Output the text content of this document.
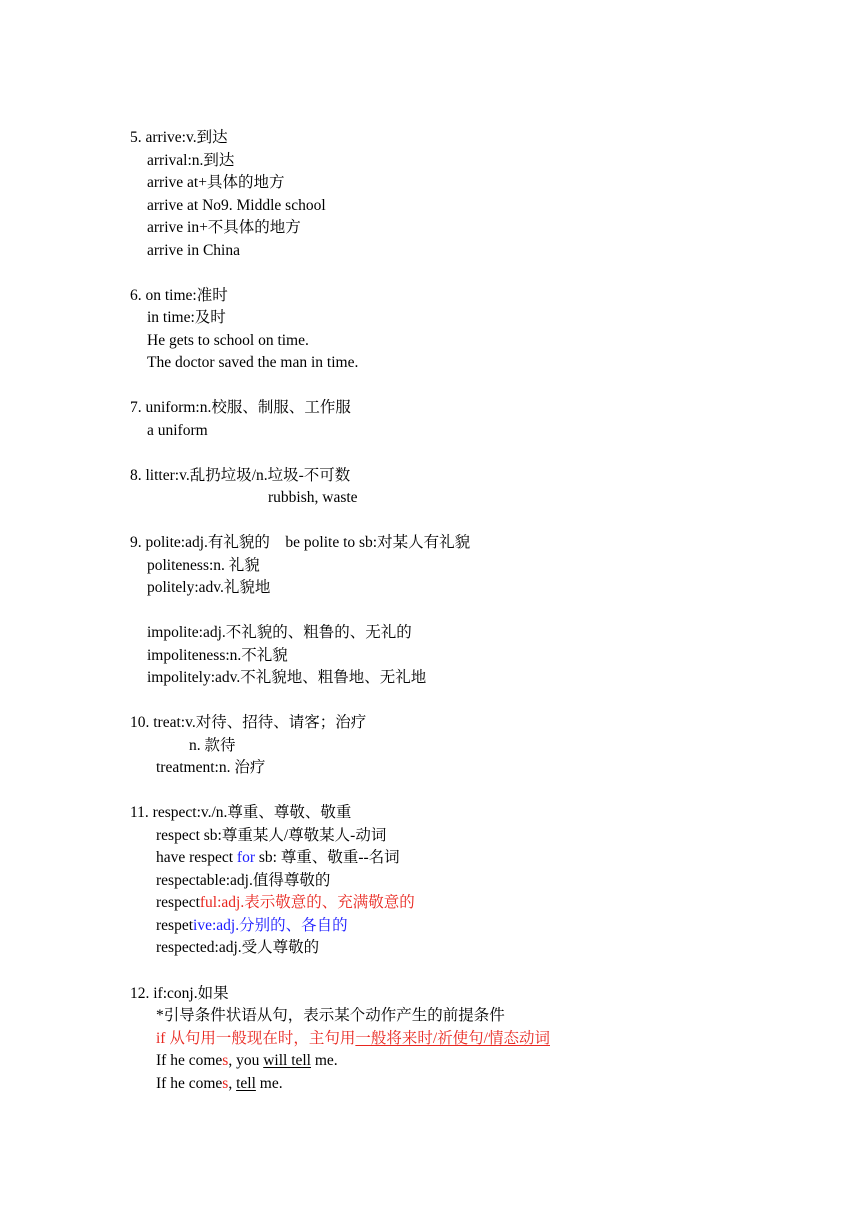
5. arrive:v.到达
arrival:n.到达
arrive at+具体的地方
arrive at No9. Middle school
arrive in+不具体的地方
arrive in China
6. on time:准时
in time:及时
He gets to school on time.
The doctor saved the man in time.
7. uniform:n.校服、制服、工作服
a uniform
8. litter:v.乱扔垃圾/n.垃圾-不可数
rubbish, waste
9. polite:adj.有礼貌的　be polite to sb:对某人有礼貌
politeness:n. 礼貌
politely:adv.礼貌地
impolite:adj.不礼貌的、粗鲁的、无礼的
impoliteness:n.不礼貌
impolitely:adv.不礼貌地、粗鲁地、无礼地
10. treat:v.对待、招待、请客；治疗
n. 款待
treatment:n. 治疗
11. respect:v./n.尊重、尊敬、敬重
respect sb:尊重某人/尊敬某人-动词
have respect for sb: 尊重、敬重--名词
respectable:adj.值得尊敬的
respectful:adj.表示敬意的、充满敬意的
respetive:adj.分别的、各自的
respected:adj.受人尊敬的
12. if:conj.如果
*引导条件状语从句，表示某个动作产生的前提条件
if 从句用一般现在时，主句用一般将来时/祈使句/情态动词
If he comes, you will tell me.
If he comes, tell me.
